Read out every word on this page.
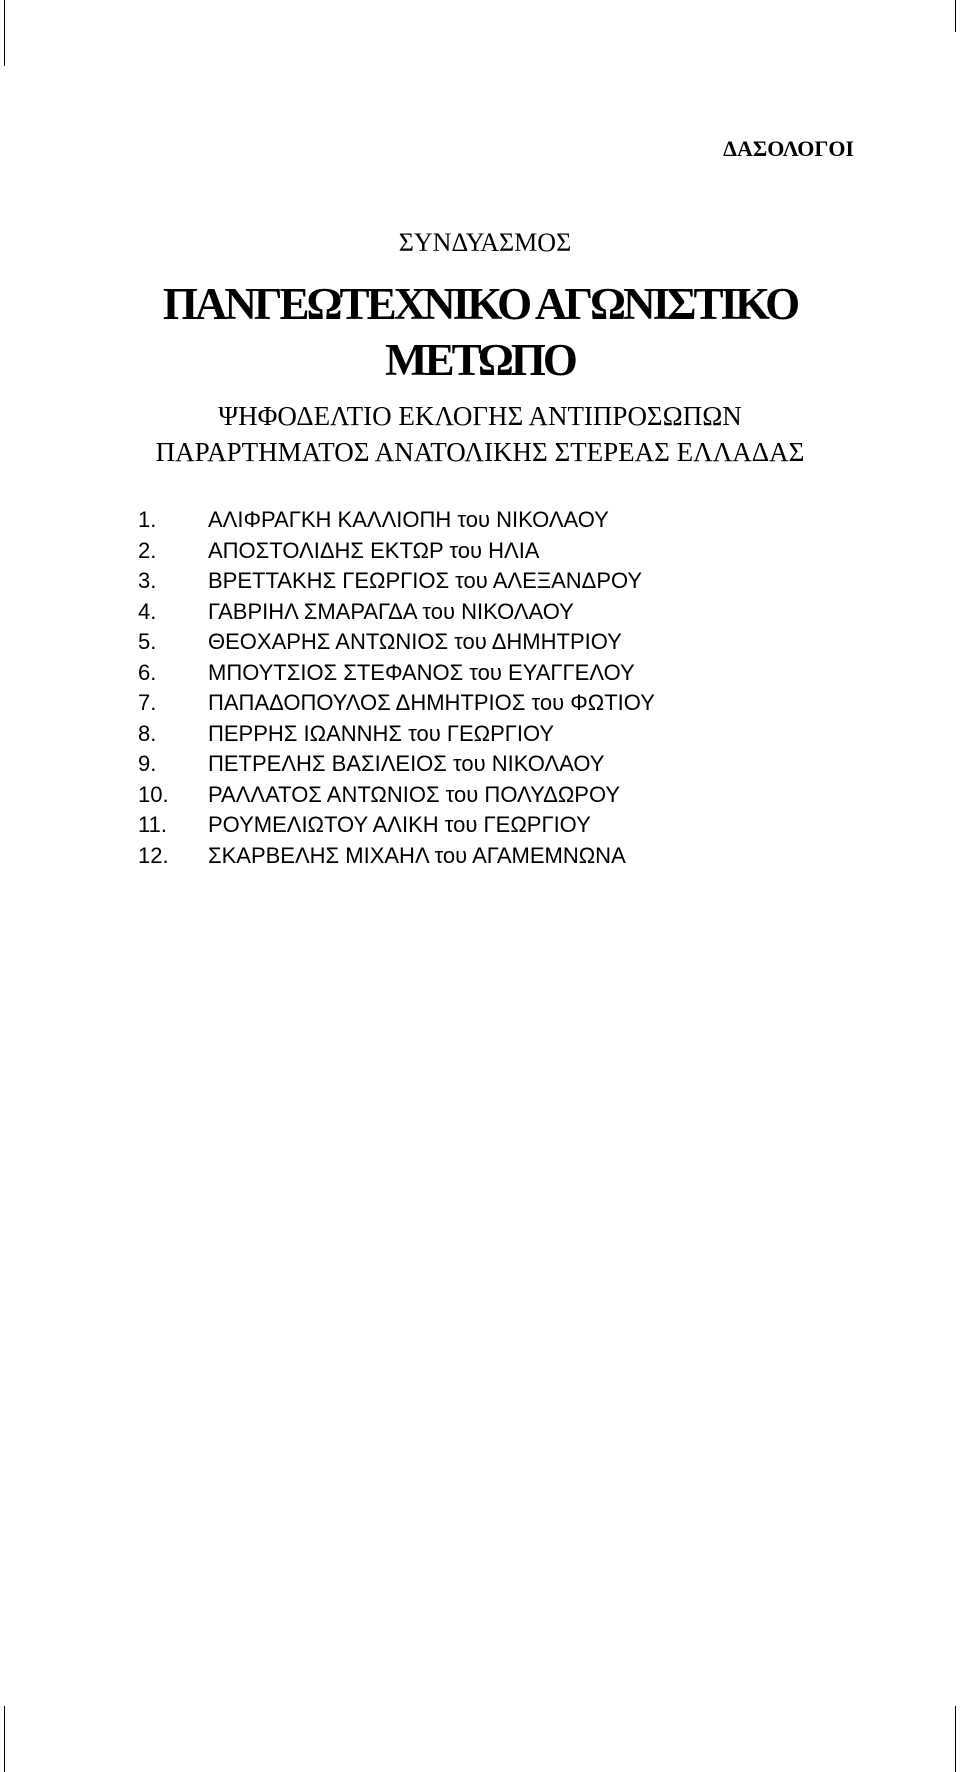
ΔΑΣΟΛΟΓΟΙ
ΣΥΝΔΥΑΣΜΟΣ
ΠΑΝΓΕΩΤΕΧΝΙΚΟ ΑΓΩΝΙΣΤΙΚΟ
ΜΕΤΩΠΟ
ΨΗΦΟΔΕΛΤΙΟ ΕΚΛΟΓΗΣ ΑΝΤΙΠΡΟΣΩΠΩΝ
ΠΑΡΑΡΤΗΜΑΤΟΣ ΑΝΑΤΟΛΙΚΗΣ ΣΤΕΡΕΑΣ ΕΛΛΑΔΑΣ
1. ΑΛΙΦΡΑΓΚΗ ΚΑΛΛΙΟΠΗ του ΝΙΚΟΛΑΟΥ
2. ΑΠΟΣΤΟΛΙΔΗΣ ΕΚΤΩΡ του ΗΛΙΑ
3. ΒΡΕΤΤΑΚΗΣ ΓΕΩΡΓΙΟΣ του ΑΛΕΞΑΝΔΡΟΥ
4. ΓΑΒΡΙΗΛ ΣΜΑΡΑΓΔΑ του ΝΙΚΟΛΑΟΥ
5. ΘΕΟΧΑΡΗΣ ΑΝΤΩΝΙΟΣ του ΔΗΜΗΤΡΙΟΥ
6. ΜΠΟΥΤΣΙΟΣ ΣΤΕΦΑΝΟΣ του ΕΥΑΓΓΕΛΟΥ
7. ΠΑΠΑΔΟΠΟΥΛΟΣ ΔΗΜΗΤΡΙΟΣ του ΦΩΤΙΟΥ
8. ΠΕΡΡΗΣ ΙΩΑΝΝΗΣ του ΓΕΩΡΓΙΟΥ
9. ΠΕΤΡΕΛΗΣ ΒΑΣΙΛΕΙΟΣ του ΝΙΚΟΛΑΟΥ
10. ΡΑΛΛΑΤΟΣ ΑΝΤΩΝΙΟΣ του ΠΟΛΥΔΩΡΟΥ
11. ΡΟΥΜΕΛΙΩΤΟΥ ΑΛΙΚΗ του ΓΕΩΡΓΙΟΥ
12. ΣΚΑΡΒΕΛΗΣ ΜΙΧΑΗΛ του ΑΓΑΜΕΜΝΩΝΑ
